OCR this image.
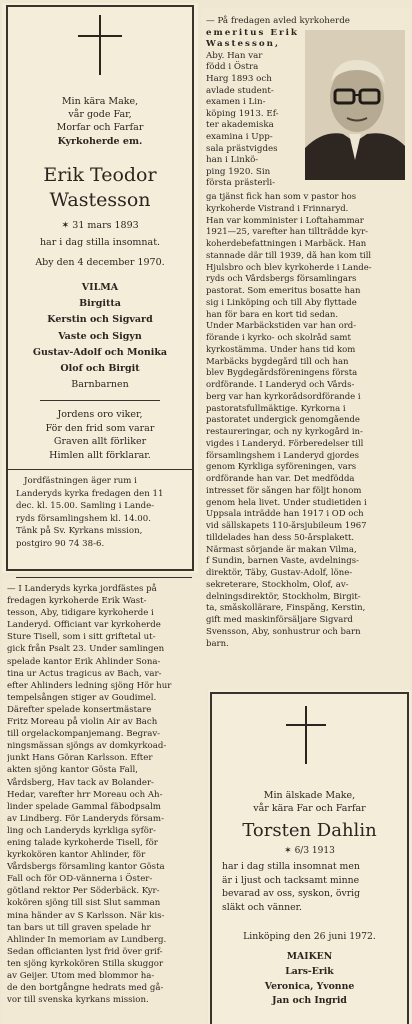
Min kära Make,

vår gode Far,

Morfar och Farfar

Kyrkoherde em.

Erik Teodor

Wastesson

✶ 31 mars 1893

har i dag stilla insomnat.

Aby den 4 december 1970.

VILMA

Birgitta

Kerstin och Sigvard

Vaste och Sigyn

Gustav-Adolf och Monika

Olof och Birgit

Barnbarnen

Jordens oro viker,

För den frid som varar

Graven allt förliker

Himlen allt förklarar.

Jordfästningen äger rum i

Landeryds kyrka fredagen den 11

dec. kl. 15.00. Samling i Lande-

ryds församlingshem kl. 14.00.

Tänk på Sv. Kyrkans mission,

postgiro 90 74 38-6.

— På fredagen avled kyrkoherde

emeritus Erik

Wastesson,

Aby. Han var

född i Östra

Harg 1893 och

avlade student-

examen i Lin-

köping 1913. Ef-

ter akademiska

examina i Upp-

sala prästvigdes

han i Linkö-

ping 1920. Sin

första prästerli-

ga tjänst fick han som v pastor hos

kyrkoherde Vistrand i Frinnaryd.

Han var komminister i Loftahammar

1921—25, varefter han tillträdde kyr-

koherdebefattningen i Marbäck. Han

stannade där till 1939, då han kom till

Hjulsbro och blev kyrkoherde i Lande-

ryds och Vårdsbergs församlingars

pastorat. Som emeritus bosatte han

sig i Linköping och till Aby flyttade

han för bara en kort tid sedan.

Under Marbäckstiden var han ord-

förande i kyrko- och skolråd samt

kyrkostämma. Under hans tid kom

Marbäcks bygdegård till och han

blev Bygdegårdsföreningens första

ordförande. I Landeryd och Vårds-

berg var han kyrkorådsordförande i

pastoratsfullmäktige. Kyrkorna i

pastoratet undergick genomgående

restaureringar, och ny kyrkogård in-

vigdes i Landeryd. Förberedelser till

församlingshem i Landeryd gjordes

genom Kyrkliga syföreningen, vars

ordförande han var. Det medfödda

intresset för sången har följt honom

genom hela livet. Under studietiden i

Uppsala inträdde han 1917 i OD och

vid sällskapets 110-årsjubileum 1967

tilldelades han dess 50-årsplakett.

Närmast sörjande är makan Vilma,

f Sundin, barnen Vaste, avdelnings-

direktör, Täby, Gustav-Adolf, löne-

sekreterare, Stockholm, Olof, av-

delningsdirektör, Stockholm, Birgit-

ta, småskollärare, Finspång, Kerstin,

gift med maskinförsäljare Sigvard

Svensson, Aby, sonhustrur och barn

barn.

— I Landeryds kyrka jordfästes på

fredagen kyrkoherde Erik Wast-

tesson, Aby, tidigare kyrkoherde i

Landeryd. Officiant var kyrkoherde

Sture Tisell, som i sitt griftetal ut-

gick från Psalt 23. Under samlingen

spelade kantor Erik Ahlinder Sona-

tina ur Actus tragicus av Bach, var-

efter Ahlinders ledning sjöng Hör hur

tempelsången stiger av Goudimel.

Därefter spelade konsertmästare

Fritz Moreau på violin Air av Bach

till orgelackompanjemang. Begrav-

ningsmässan sjöngs av domkyrkoad-

junkt Hans Göran Karlsson. Efter

akten sjöng kantor Gösta Fall,

Vårdsberg, Hav tack av Bolander-

Hedar, varefter hrr Moreau och Ah-

linder spelade Gammal fäbodpsalm

av Lindberg. För Landeryds försam-

ling och Landeryds kyrkliga syför-

ening talade kyrkoherde Tisell, för

kyrkokören kantor Ahlinder, för

Vårdsbergs församling kantor Gösta

Fall och för OD-vännerna i Öster-

götland rektor Per Söderbäck. Kyr-

kokören sjöng till sist Slut samman

mina händer av S Karlsson. När kis-

tan bars ut till graven spelade hr

Ahlinder In memoriam av Lundberg.

Sedan officianten lyst frid över grif-

ten sjöng kyrkokören Stilla skuggor

av Geijer. Utom med blommor ha-

de den bortgångne hedrats med gå-

vor till svenska kyrkans mission.

Min älskade Make,

vår kära Far och Farfar

Torsten Dahlin

✶ 6/3 1913

har i dag stilla insomnat men

är i ljust och tacksamt minne

bevarad av oss, syskon, övrig

släkt och vänner.

Linköping den 26 juni 1972.

MAIKEN

Lars-Erik

Veronica, Yvonne

Jan och Ingrid
